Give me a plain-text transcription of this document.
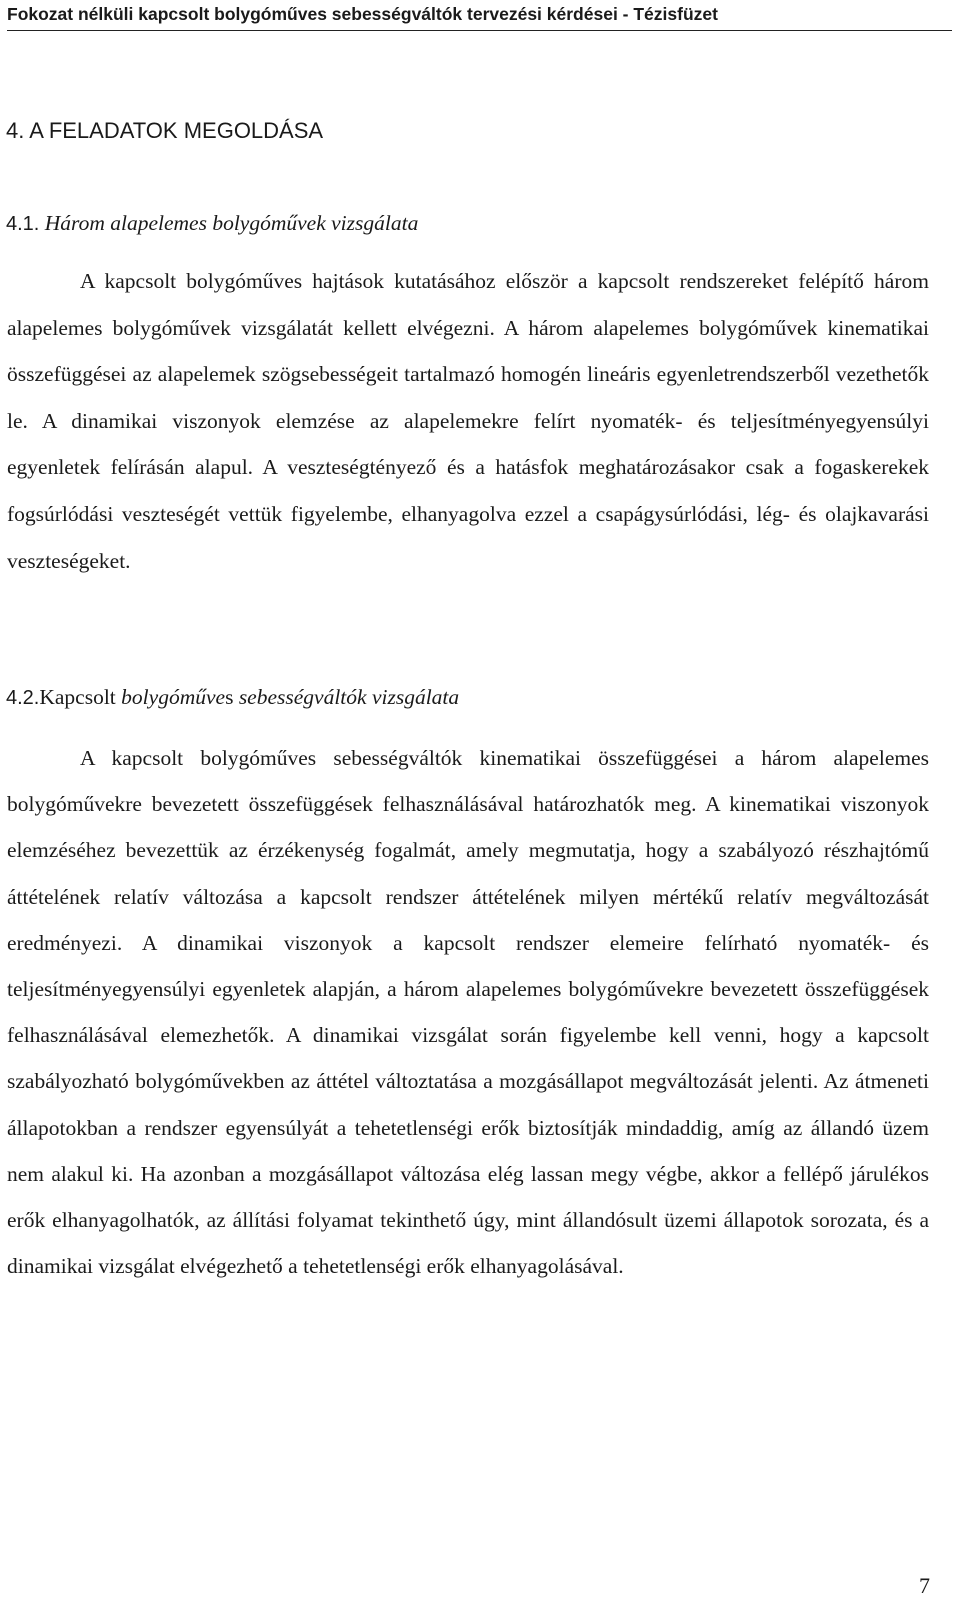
Fokozat nélküli kapcsolt bolygóműves sebességváltók tervezési kérdései - Tézisfüzet
4. A FELADATOK MEGOLDÁSA
4.1. Három alapelemes bolygóművek vizsgálata

A kapcsolt bolygóműves hajtások kutatásához először a kapcsolt rendszereket felépítő három alapelemes bolygóművek vizsgálatát kellett elvégezni. A három alapelemes bolygóművek kinematikai összefüggései az alapelemek szögsebességeit tartalmazó homogén lineáris egyenletrendszerből vezethetők le. A dinamikai viszonyok elemzése az alapelemekre felírt nyomaték- és teljesítményegyensúlyi egyenletek felírásán alapul. A veszteségtényező és a hatásfok meghatározásakor csak a fogaskerekek fogsúrlódási veszteségét vettük figyelembe, elhanyagolva ezzel a csapágysúrlódási, lég- és olajkavarási veszteségeket.

4.2.Kapcsolt bolygóműves sebességváltók vizsgálata

A kapcsolt bolygóműves sebességváltók kinematikai összefüggései a három alapelemes bolygóművekre bevezetett összefüggések felhasználásával határozhatók meg. A kinematikai viszonyok elemzéséhez bevezettük az érzékenység fogalmát, amely megmutatja, hogy a szabályozó részhajtómű áttételének relatív változása a kapcsolt rendszer áttételének milyen mértékű relatív megváltozását eredményezi. A dinamikai viszonyok a kapcsolt rendszer elemeire felírható nyomaték- és teljesítményegyensúlyi egyenletek alapján, a három alapelemes bolygóművekre bevezetett összefüggések felhasználásával elemezhetők. A dinamikai vizsgálat során figyelembe kell venni, hogy a kapcsolt szabályozható bolygóművekben az áttétel változtatása a mozgásállapot megváltozását jelenti. Az átmeneti állapotokban a rendszer egyensúlyát a tehetetlenségi erők biztosítják mindaddig, amíg az állandó üzem nem alakul ki. Ha azonban a mozgásállapot változása elég lassan megy végbe, akkor a fellépő járulékos erők elhanyagolhatók, az állítási folyamat tekinthető úgy, mint állandósult üzemi állapotok sorozata, és a dinamikai vizsgálat elvégezhető a tehetetlenségi erők elhanyagolásával.

7
